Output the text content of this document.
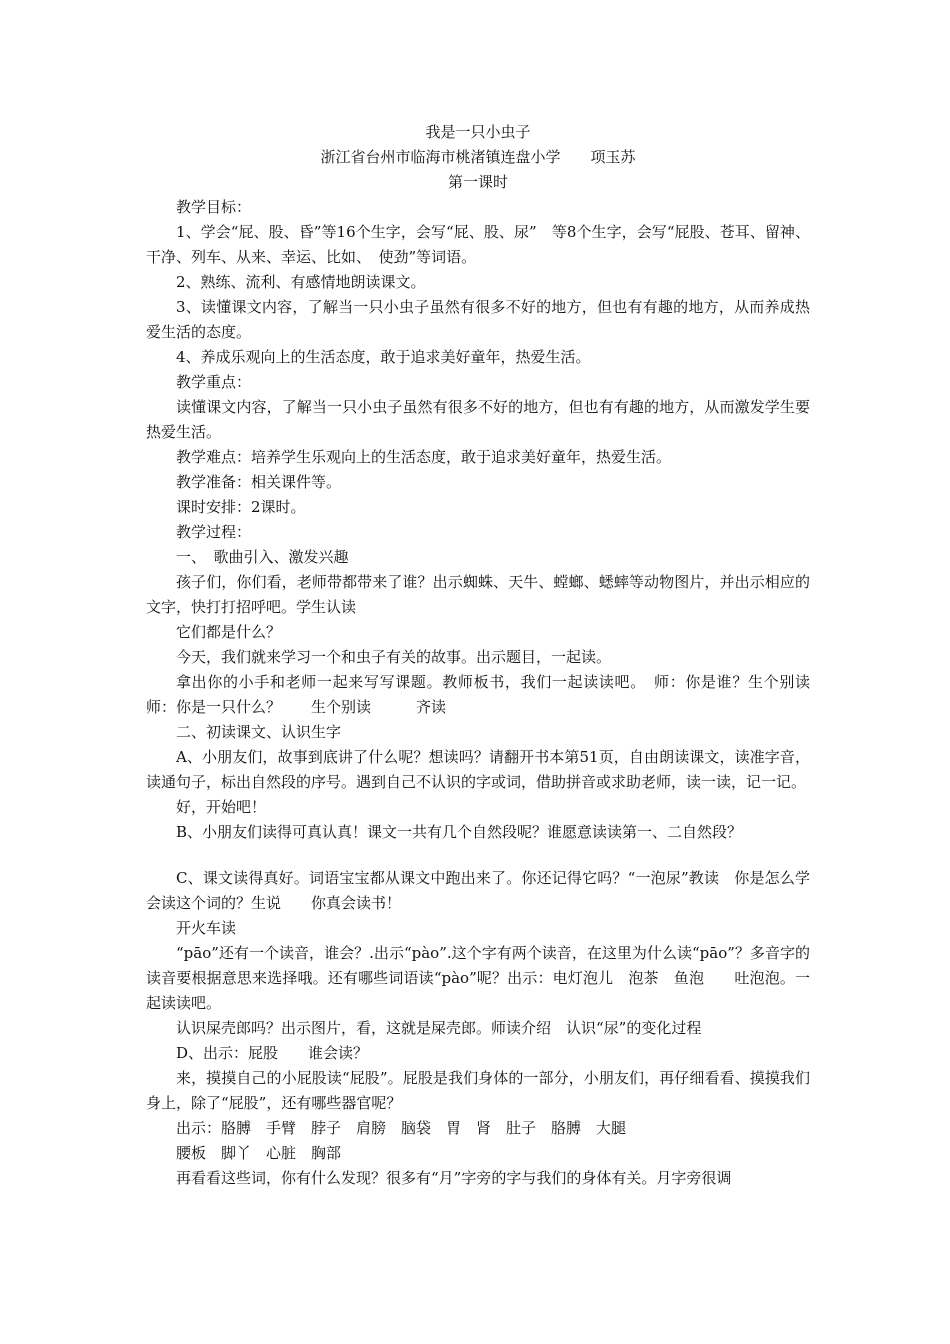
我是一只小虫子
浙江省台州市临海市桃渚镇连盘小学　　项玉苏
第一课时

教学目标：

1、学会“屁、股、昏”等16个生字，会写“屁、股、尿”　等8个生字，会写“屁股、苍耳、留神、干净、列车、从来、幸运、比如、　使劲”等词语。

2、熟练、流利、有感情地朗读课文。

3、读懂课文内容，了解当一只小虫子虽然有很多不好的地方，但也有有趣的地方，从而养成热爱生活的态度。

4、养成乐观向上的生活态度，敢于追求美好童年，热爱生活。

教学重点：

读懂课文内容，了解当一只小虫子虽然有很多不好的地方，但也有有趣的地方，从而激发学生要热爱生活。

教学难点：培养学生乐观向上的生活态度，敢于追求美好童年，热爱生活。

教学准备：相关课件等。

课时安排：2课时。

教学过程：

一、　歌曲引入、激发兴趣

孩子们，你们看，老师带都带来了谁？出示蜘蛛、天牛、螳螂、蟋蟀等动物图片，并出示相应的文字，快打打招呼吧。学生认读

它们都是什么？

今天，我们就来学习一个和虫子有关的故事。出示题目，一起读。

拿出你的小手和老师一起来写写课题。教师板书，我们一起读读吧。　师：你是谁？生个别读　　师：你是一只什么？　　生个别读　　　齐读

二、初读课文、认识生字

A、小朋友们，故事到底讲了什么呢？想读吗？请翻开书本第51页，自由朗读课文，读准字音，读通句子，标出自然段的序号。遇到自己不认识的字或词，借助拼音或求助老师，读一读，记一记。

好，开始吧！

B、小朋友们读得可真认真！课文一共有几个自然段呢？谁愿意读读第一、二自然段？

C、课文读得真好。词语宝宝都从课文中跑出来了。你还记得它吗？“一泡尿”教读　你是怎么学会读这个词的？生说　　你真会读书！

开火车读

“pāo”还有一个读音，谁会？.出示“pào”.这个字有两个读音，在这里为什么读“pāo”？多音字的读音要根据意思来选择哦。还有哪些词语读“pào”呢？出示：电灯泡儿　泡茶　鱼泡　　吐泡泡。一起读读吧。

认识屎壳郎吗？出示图片，看，这就是屎壳郎。师读介绍　认识“尿”的变化过程

D、出示：屁股　　谁会读？

来，摸摸自己的小屁股读“屁股”。屁股是我们身体的一部分，小朋友们，再仔细看看、摸摸我们身上，除了“屁股”，还有哪些器官呢？

出示：胳膊　手臂　脖子　肩膀　脑袋　胃　肾　肚子　胳膊　大腿

腰板　脚丫　心脏　胸部

再看看这些词，你有什么发现？很多有“月”字旁的字与我们的身体有关。月字旁很调
